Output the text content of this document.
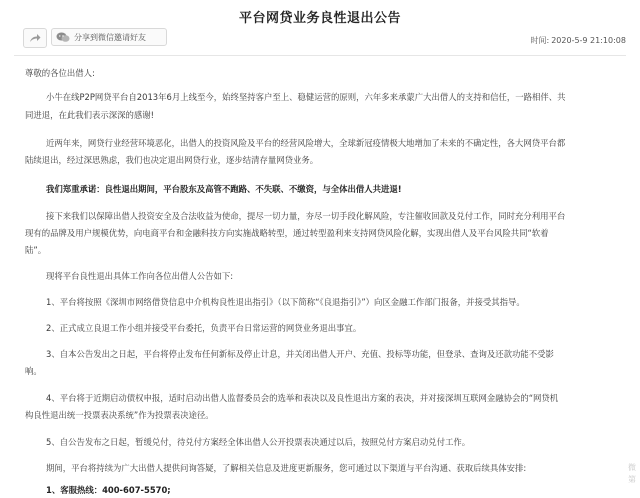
平台网贷业务良性退出公告
分享到微信邀请好友	时间: 2020-5-9 21:10:08
尊敬的各位出借人:
小牛在线P2P网贷平台自2013年6月上线至今，始终坚持客户至上、稳健运营的原则，六年多来承蒙广大出借人的支持和信任，一路相伴、共
同进退，在此我们表示深深的感谢!
近两年来，网贷行业经营环境恶化，出借人的投资风险及平台的经营风险增大，全球新冠疫情极大地增加了未来的不确定性，各大网贷平台都
陆续退出，经过深思熟虑，我们也决定退出网贷行业，逐步结清存量网贷业务。
我们郑重承诺：良性退出期间，平台股东及高管不跑路、不失联、不缴资，与全体出借人共进退!
接下来我们以保障出借人投资安全及合法收益为使命，提尽一切力量，夯尽一切手段化解风险，专注催收回款及兑付工作，同时充分利用平台
现有的品牌及用户规模优势，向电商平台和金融科技方向实施战略转型，通过转型盈利来支持网贷风险化解，实现出借人及平台风险共同“软着
陆”。
现将平台良性退出具体工作向各位出借人公告如下:
1、平台将按照《深圳市网络借贷信息中介机构良性退出指引》（以下简称“《良退指引》”）向区金融工作部门报备，并接受其指导。
2、正式成立良退工作小组并接受平台委托，负责平台日常运营的网贷业务退出事宜。
3、自本公告发出之日起，平台将停止发布任何新标及停止计息，并关闭出借人开户、充值、投标等功能，但登录、查询及还款功能不受影
响。
4、平台将于近期启动债权申报，适时启动出借人监督委员会的选举和表决以及良性退出方案的表决，并对接深圳互联网金融协会的“网贷机
构良性退出统一投票表决系统”作为投票表决途径。
5、自公告发布之日起，暂缓兑付，待兑付方案经全体出借人公开投票表决通过以后，按照兑付方案启动兑付工作。
期间，平台将持续为广大出借人提供问询答疑，了解相关信息及进度更新服务，您可通过以下渠道与平台沟通、获取后续具体安排:
1、客服热线：400-607-5570;
微
第
